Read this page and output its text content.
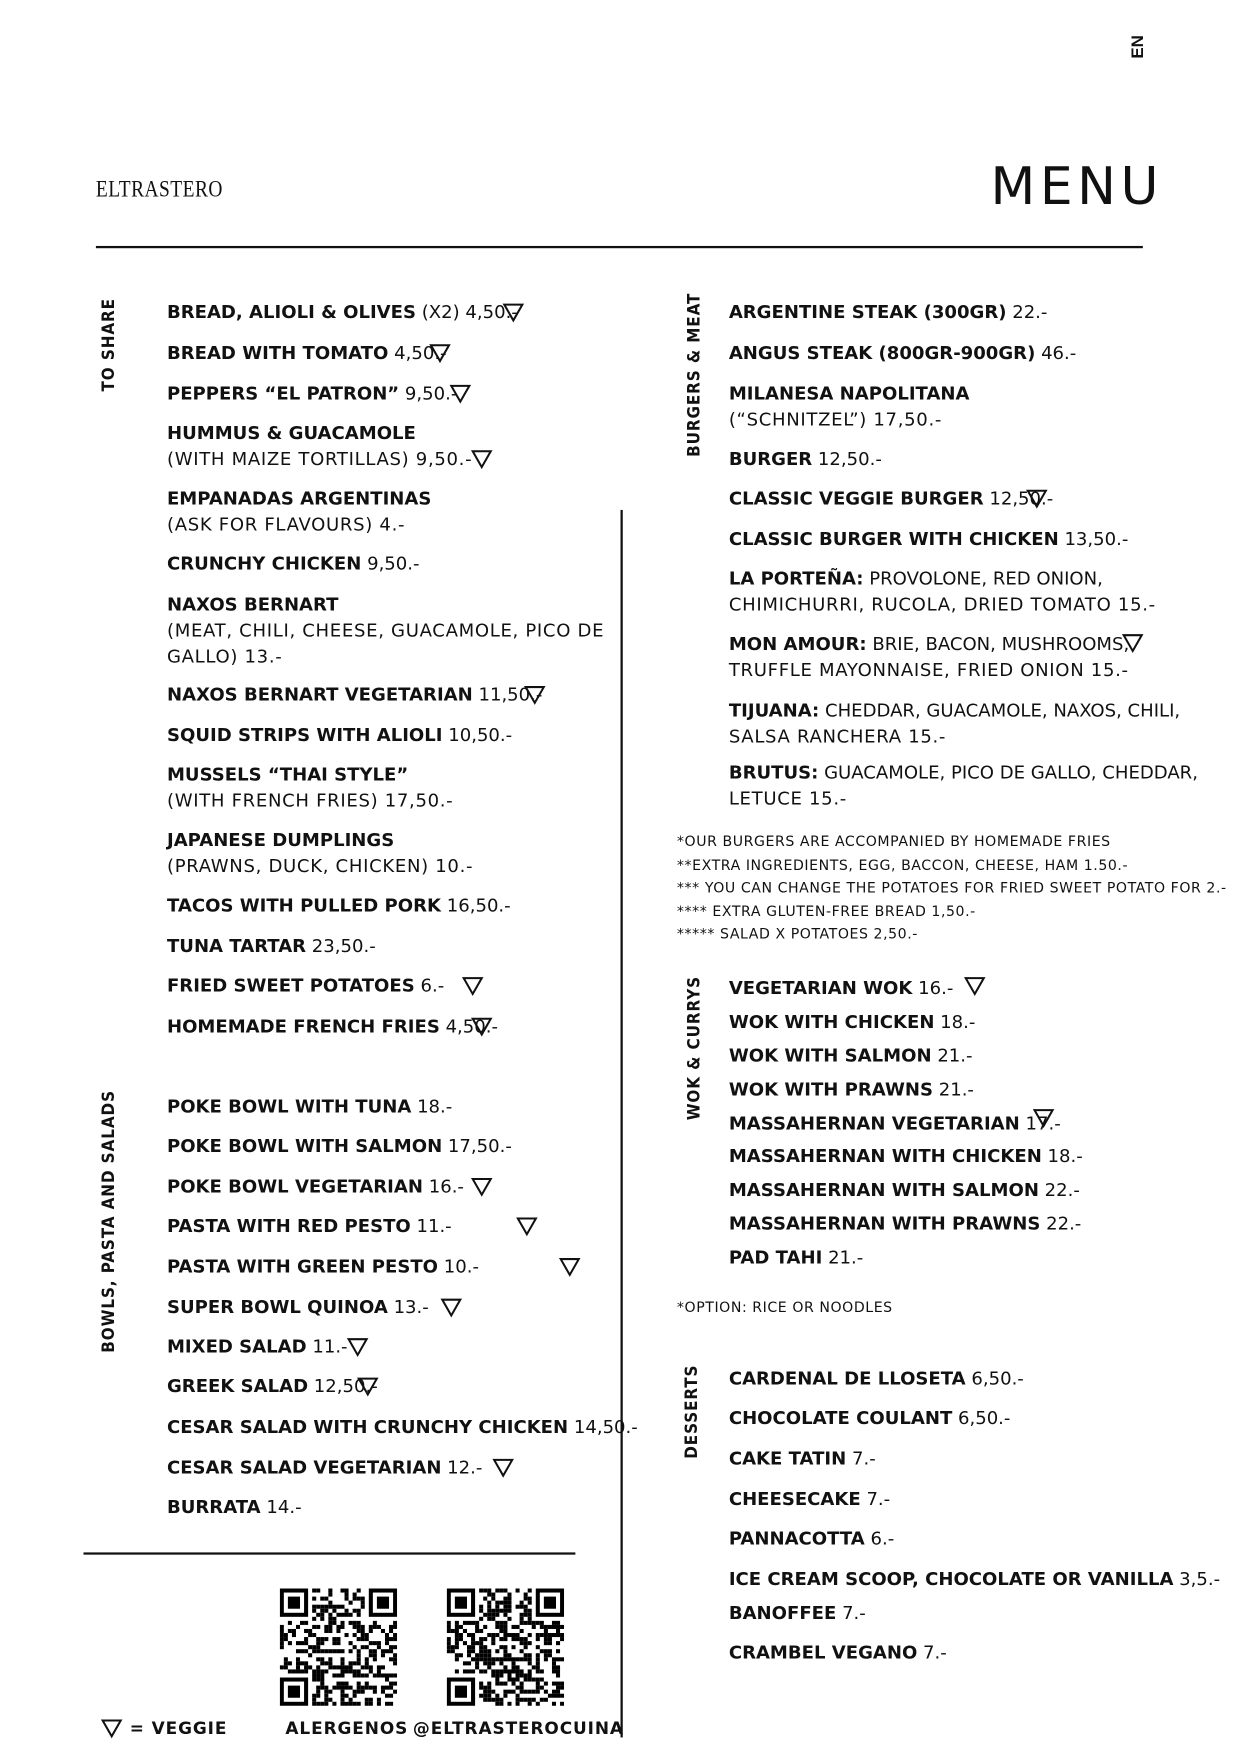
EN
ELTRASTERO	MENU
TO SHARE
BOWLS, PASTA AND SALADS
BURGERS & MEAT
WOK & CURRYS
DESSERTS
BREAD, ALIOLI & OLIVES (X2) 4,50.-
BREAD WITH TOMATO 4,50.-
PEPPERS “EL PATRON” 9,50.-
HUMMUS & GUACAMOLE
(WITH MAIZE TORTILLAS) 9,50.-
EMPANADAS ARGENTINAS
(ASK FOR FLAVOURS) 4.-
CRUNCHY CHICKEN 9,50.-
NAXOS BERNART
(MEAT, CHILI, CHEESE, GUACAMOLE, PICO DE
GALLO) 13.-
NAXOS BERNART VEGETARIAN 11,50.-
SQUID STRIPS WITH ALIOLI 10,50.-
MUSSELS “THAI STYLE”
(WITH FRENCH FRIES) 17,50.-
JAPANESE DUMPLINGS
(PRAWNS, DUCK, CHICKEN) 10.-
TACOS WITH PULLED PORK 16,50.-
TUNA TARTAR 23,50.-
FRIED SWEET POTATOES 6.-
HOMEMADE FRENCH FRIES 4,50.-
POKE BOWL WITH TUNA 18.-
POKE BOWL WITH SALMON 17,50.-
POKE BOWL VEGETARIAN 16.-
PASTA WITH RED PESTO 11.-
PASTA WITH GREEN PESTO 10.-
SUPER BOWL QUINOA 13.-
MIXED SALAD 11.-
GREEK SALAD 12,50.-
CESAR SALAD WITH CRUNCHY CHICKEN 14,50.-
CESAR SALAD VEGETARIAN 12.-
BURRATA 14.-
ARGENTINE STEAK (300GR) 22.-
ANGUS STEAK (800GR-900GR) 46.-
MILANESA NAPOLITANA
(“SCHNITZEL”) 17,50.-
BURGER 12,50.-
CLASSIC VEGGIE BURGER 12,50.-
CLASSIC BURGER WITH CHICKEN 13,50.-
LA PORTEÑA: PROVOLONE, RED ONION,
CHIMICHURRI, RUCOLA, DRIED TOMATO 15.-
MON AMOUR: BRIE, BACON, MUSHROOMS,
TRUFFLE MAYONNAISE, FRIED ONION 15.-
TIJUANA: CHEDDAR, GUACAMOLE, NAXOS, CHILI,
SALSA RANCHERA 15.-
BRUTUS: GUACAMOLE, PICO DE GALLO, CHEDDAR,
LETUCE 15.-
*OUR BURGERS ARE ACCOMPANIED BY HOMEMADE FRIES
**EXTRA INGREDIENTS, EGG, BACCON, CHEESE, HAM 1.50.-
*** YOU CAN CHANGE THE POTATOES FOR FRIED SWEET POTATO FOR 2.-
**** EXTRA GLUTEN-FREE BREAD 1,50.-
***** SALAD X POTATOES 2,50.-
VEGETARIAN WOK 16.-
WOK WITH CHICKEN 18.-
WOK WITH SALMON 21.-
WOK WITH PRAWNS 21.-
MASSAHERNAN VEGETARIAN 17.-
MASSAHERNAN WITH CHICKEN 18.-
MASSAHERNAN WITH SALMON 22.-
MASSAHERNAN WITH PRAWNS 22.-
PAD TAHI 21.-
*OPTION: RICE OR NOODLES
CARDENAL DE LLOSETA 6,50.-
CHOCOLATE COULANT 6,50.-
CAKE TATIN 7.-
CHEESECAKE 7.-
PANNACOTTA 6.-
ICE CREAM SCOOP, CHOCOLATE OR VANILLA 3,5.-
BANOFFEE 7.-
CRAMBEL VEGANO 7.-
= VEGGIE	ALERGENOS @ELTRASTEROCUINA
